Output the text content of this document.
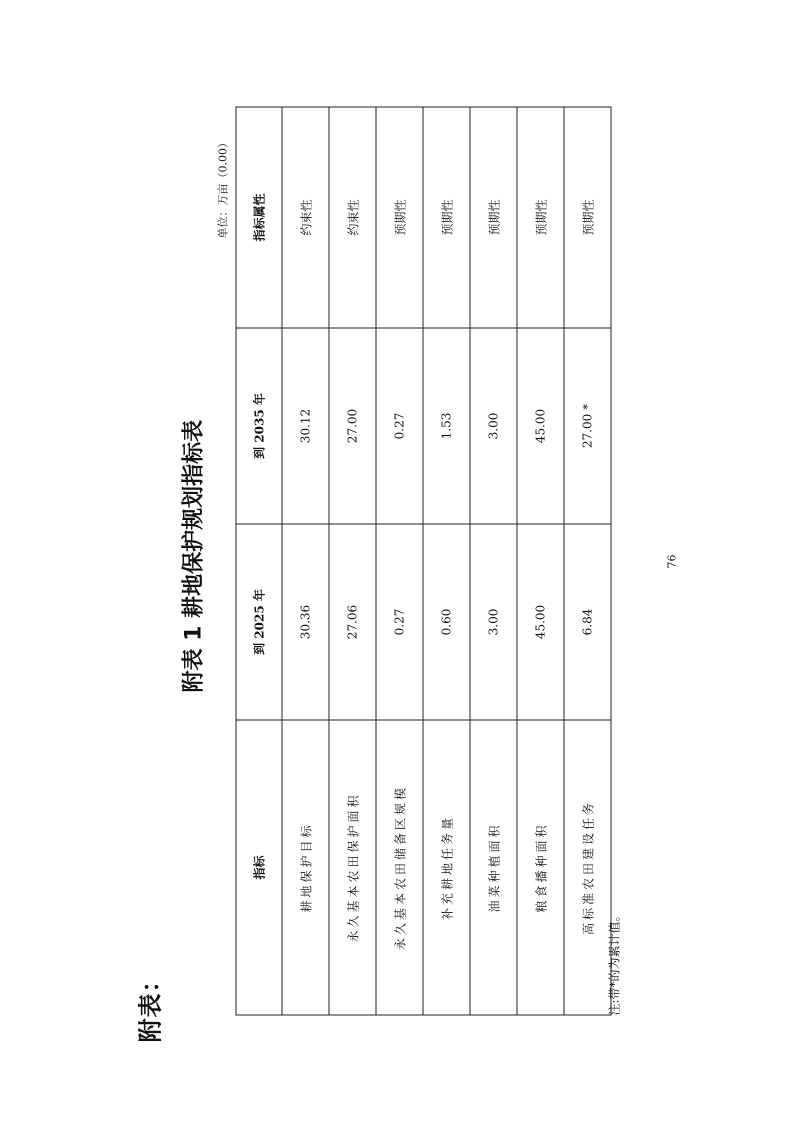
附表：
附表 1 耕地保护规划指标表
单位：万亩（0.00）
指标	到 2025 年	到 2035 年	指标属性
耕地保护目标	30.36	30.12	约束性
永久基本农田保护面积	27.06	27.00	约束性
永久基本农田储备区规模	0.27	0.27	预期性
补充耕地任务量	0.60	1.53	预期性
油菜种植面积	3.00	3.00	预期性
粮食播种面积	45.00	45.00	预期性
高标准农田建设任务	6.84	27.00 *	预期性
注:带*的为累计值。
76
